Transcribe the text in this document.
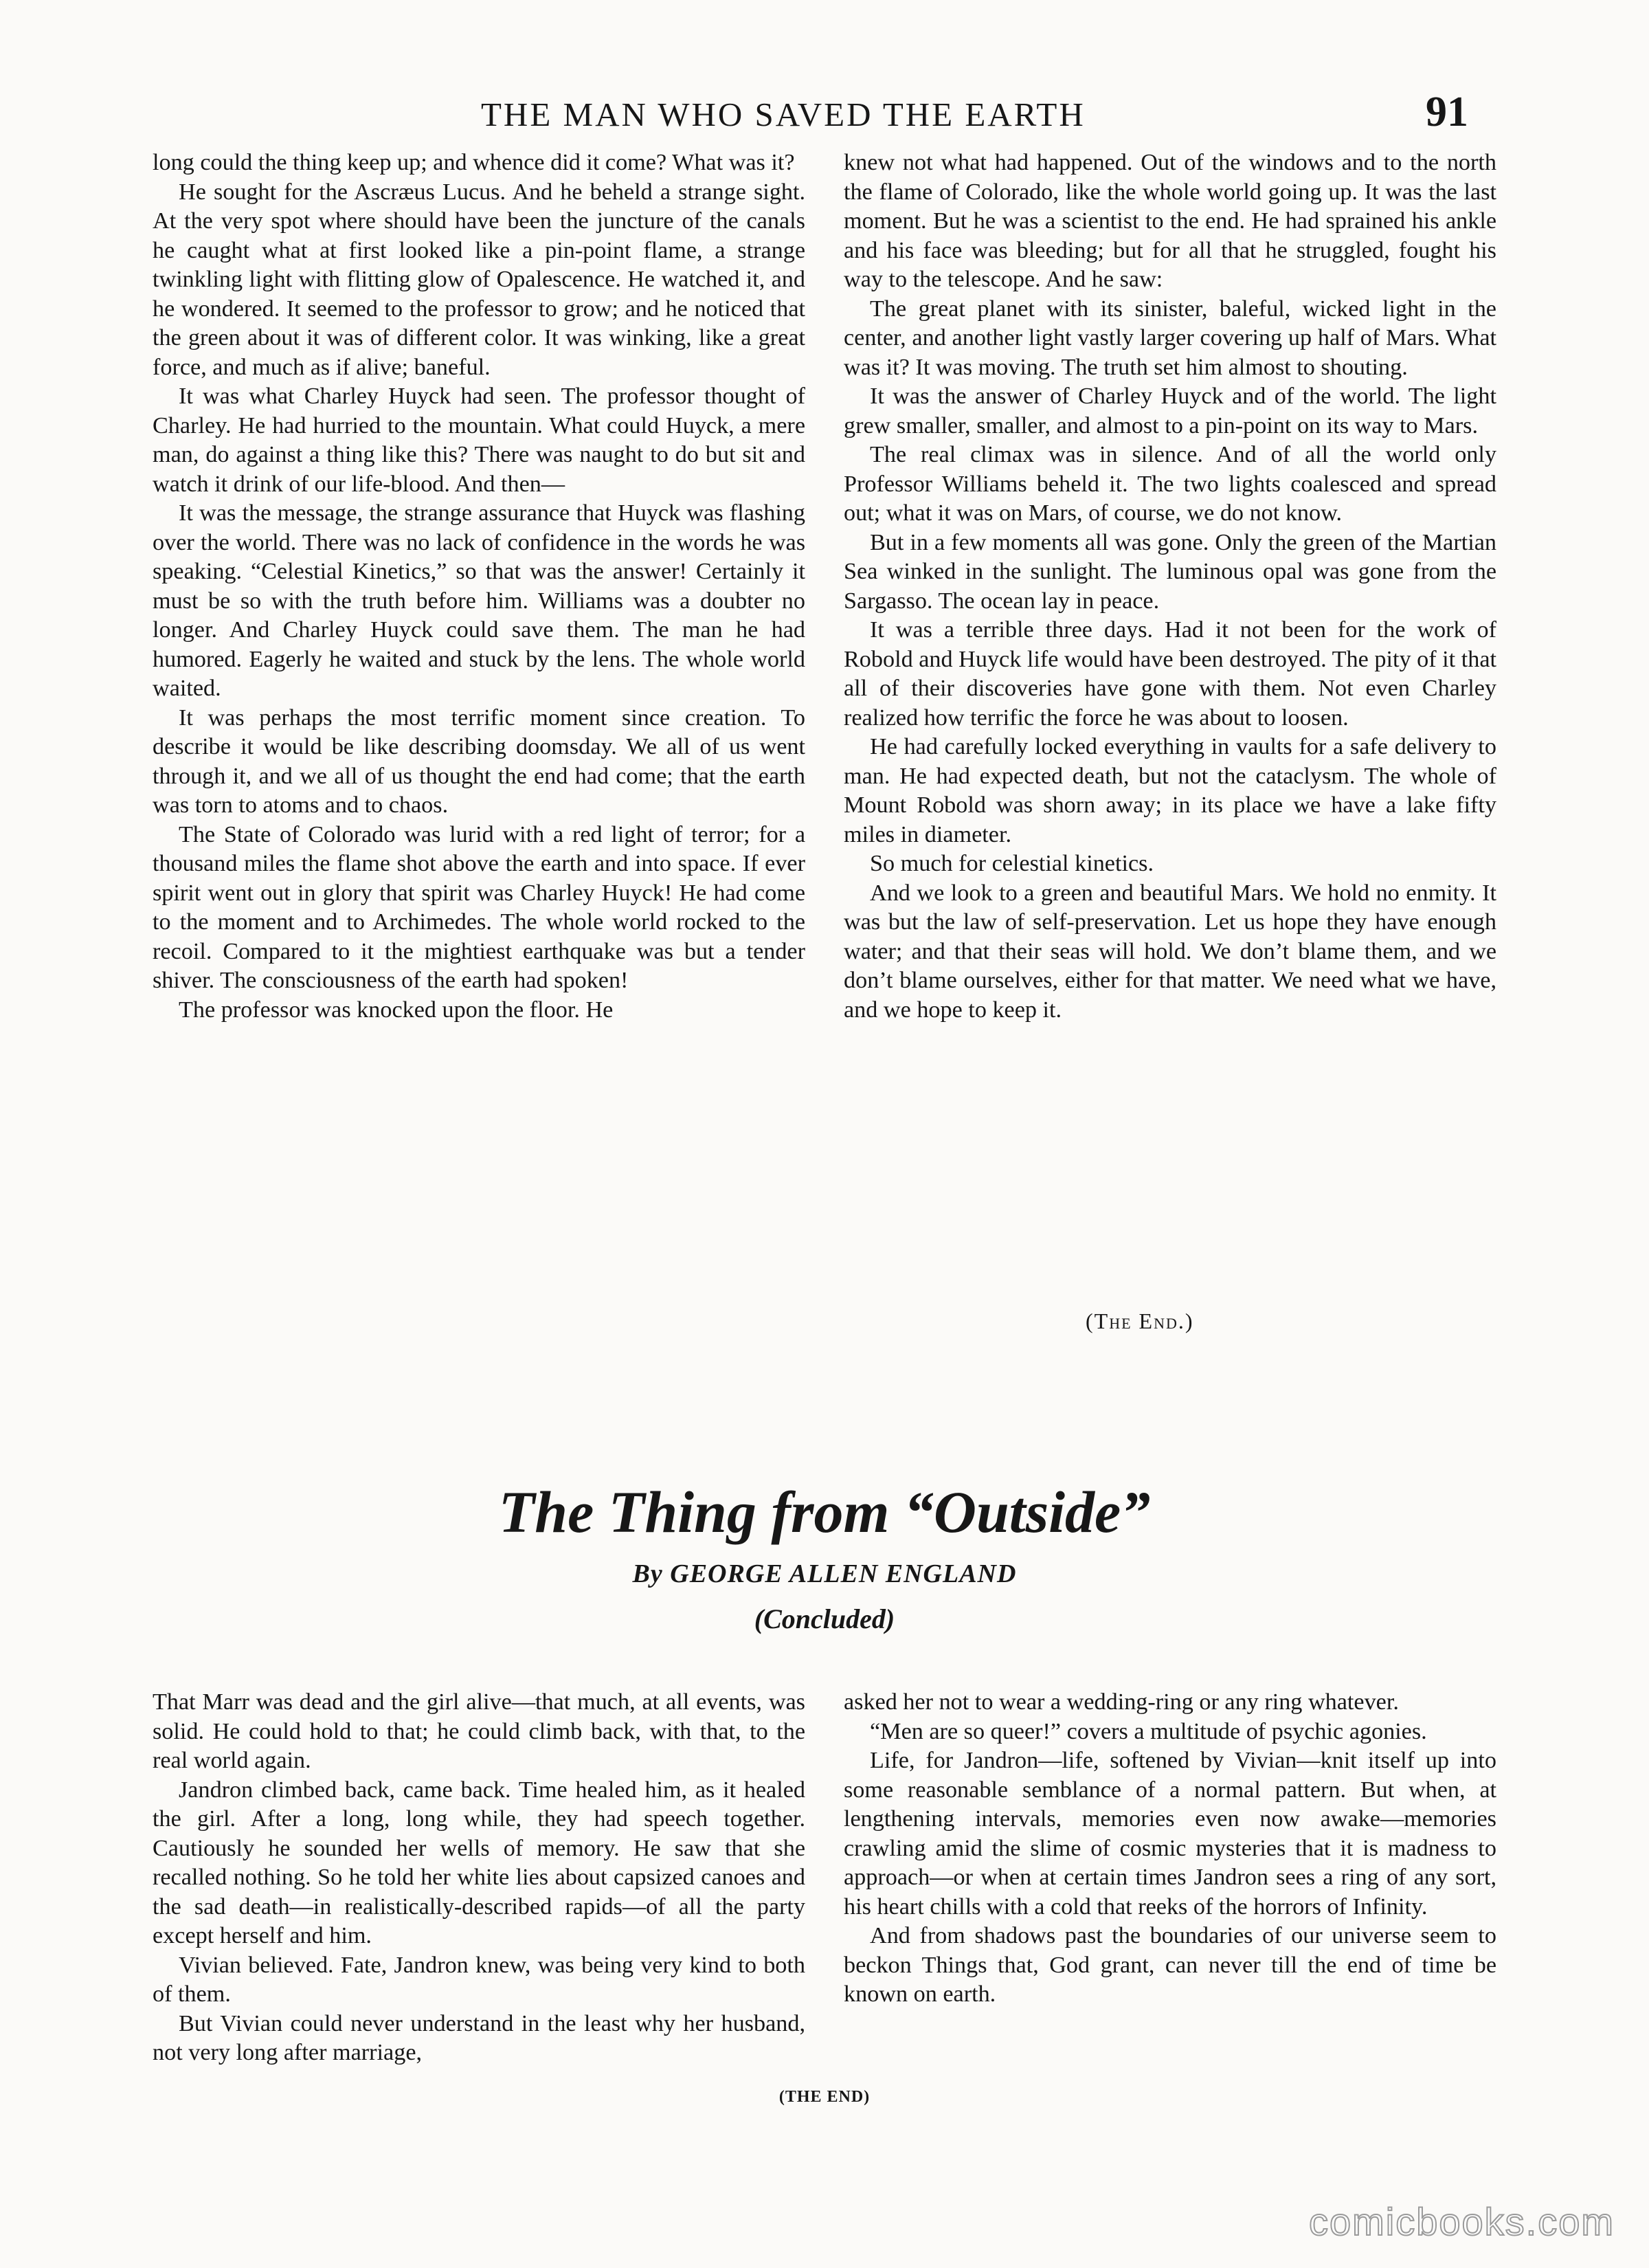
THE MAN WHO SAVED THE EARTH	91

long could the thing keep up; and whence did it come? What was it?

He sought for the Ascræus Lucus. And he beheld a strange sight. At the very spot where should have been the juncture of the canals he caught what at first looked like a pin-point flame, a strange twinkling light with flitting glow of Opalescence. He watched it, and he wondered. It seemed to the professor to grow; and he noticed that the green about it was of different color. It was winking, like a great force, and much as if alive; baneful.

It was what Charley Huyck had seen. The professor thought of Charley. He had hurried to the mountain. What could Huyck, a mere man, do against a thing like this? There was naught to do but sit and watch it drink of our life-blood. And then—

It was the message, the strange assurance that Huyck was flashing over the world. There was no lack of confidence in the words he was speaking. “Celestial Kinetics,” so that was the answer! Certainly it must be so with the truth before him. Williams was a doubter no longer. And Charley Huyck could save them. The man he had humored. Eagerly he waited and stuck by the lens. The whole world waited.

It was perhaps the most terrific moment since creation. To describe it would be like describing doomsday. We all of us went through it, and we all of us thought the end had come; that the earth was torn to atoms and to chaos.

The State of Colorado was lurid with a red light of terror; for a thousand miles the flame shot above the earth and into space. If ever spirit went out in glory that spirit was Charley Huyck! He had come to the moment and to Archimedes. The whole world rocked to the recoil. Compared to it the mightiest earthquake was but a tender shiver. The consciousness of the earth had spoken!

The professor was knocked upon the floor. He

knew not what had happened. Out of the windows and to the north the flame of Colorado, like the whole world going up. It was the last moment. But he was a scientist to the end. He had sprained his ankle and his face was bleeding; but for all that he struggled, fought his way to the telescope. And he saw:

The great planet with its sinister, baleful, wicked light in the center, and another light vastly larger covering up half of Mars. What was it? It was moving. The truth set him almost to shouting.

It was the answer of Charley Huyck and of the world. The light grew smaller, smaller, and almost to a pin-point on its way to Mars.

The real climax was in silence. And of all the world only Professor Williams beheld it. The two lights coalesced and spread out; what it was on Mars, of course, we do not know.

But in a few moments all was gone. Only the green of the Martian Sea winked in the sunlight. The luminous opal was gone from the Sargasso. The ocean lay in peace.

It was a terrible three days. Had it not been for the work of Robold and Huyck life would have been destroyed. The pity of it that all of their discoveries have gone with them. Not even Charley realized how terrific the force he was about to loosen.

He had carefully locked everything in vaults for a safe delivery to man. He had expected death, but not the cataclysm. The whole of Mount Robold was shorn away; in its place we have a lake fifty miles in diameter.

So much for celestial kinetics.

And we look to a green and beautiful Mars. We hold no enmity. It was but the law of self-preservation. Let us hope they have enough water; and that their seas will hold. We don’t blame them, and we don’t blame ourselves, either for that matter. We need what we have, and we hope to keep it.

(The End.)
The Thing from “Outside”
By GEORGE ALLEN ENGLAND
(Concluded)

That Marr was dead and the girl alive—that much, at all events, was solid. He could hold to that; he could climb back, with that, to the real world again.

Jandron climbed back, came back. Time healed him, as it healed the girl. After a long, long while, they had speech together. Cautiously he sounded her wells of memory. He saw that she recalled nothing. So he told her white lies about capsized canoes and the sad death—in realistically-described rapids—of all the party except herself and him.

Vivian believed. Fate, Jandron knew, was being very kind to both of them.

But Vivian could never understand in the least why her husband, not very long after marriage,

asked her not to wear a wedding-ring or any ring whatever.

“Men are so queer!” covers a multitude of psychic agonies.

Life, for Jandron—life, softened by Vivian—knit itself up into some reasonable semblance of a normal pattern. But when, at lengthening intervals, memories even now awake—memories crawling amid the slime of cosmic mysteries that it is madness to approach—or when at certain times Jandron sees a ring of any sort, his heart chills with a cold that reeks of the horrors of Infinity.

And from shadows past the boundaries of our universe seem to beckon Things that, God grant, can never till the end of time be known on earth.

(THE END)
comicbooks.com
